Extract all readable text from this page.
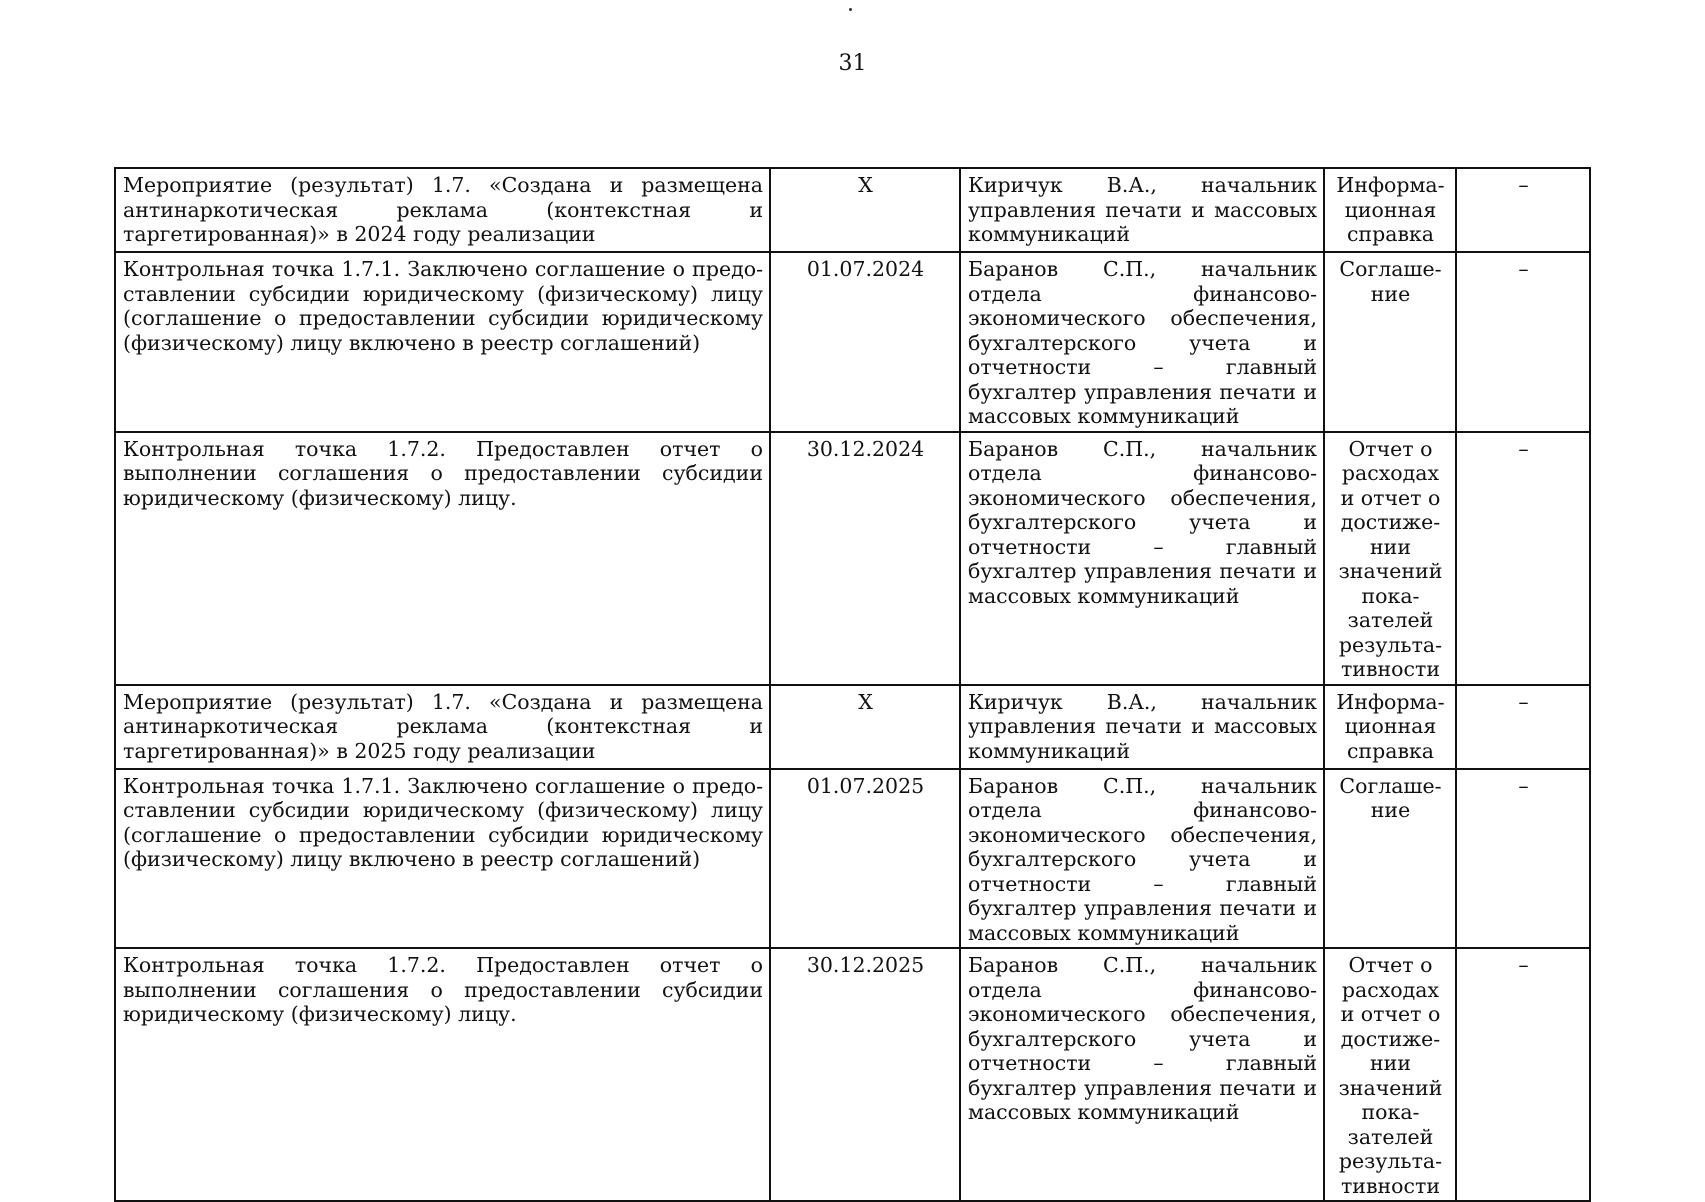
31
Мероприятие (результат) 1.7. «Создана и размещена антинаркотическая реклама (контекстная и таргетированная)» в 2024 году реализации	X	Киричук В.А., начальник управления печати и массовых коммуникаций	Информационная справка	–
Контрольная точка 1.7.1. Заключено соглашение о предоставлении субсидии юридическому (физическому) лицу (соглашение о предоставлении субсидии юридическому (физическому) лицу включено в реестр соглашений)	01.07.2024	Баранов С.П., начальник отдела финансово-экономического обеспечения, бухгалтерского учета и отчетности – главный бухгалтер управления печати и массовых коммуникаций	Соглашение	–
Контрольная точка 1.7.2. Предоставлен отчет о выполнении соглашения о предоставлении субсидии юридическому (физическому) лицу.	30.12.2024	Баранов С.П., начальник отдела финансово-экономического обеспечения, бухгалтерского учета и отчетности – главный бухгалтер управления печати и массовых коммуникаций	Отчет о расходах и отчет о достижении значений показателей результативности	–
Мероприятие (результат) 1.7. «Создана и размещена антинаркотическая реклама (контекстная и таргетированная)» в 2025 году реализации	X	Киричук В.А., начальник управления печати и массовых коммуникаций	Информационная справка	–
Контрольная точка 1.7.1. Заключено соглашение о предоставлении субсидии юридическому (физическому) лицу (соглашение о предоставлении субсидии юридическому (физическому) лицу включено в реестр соглашений)	01.07.2025	Баранов С.П., начальник отдела финансово-экономического обеспечения, бухгалтерского учета и отчетности – главный бухгалтер управления печати и массовых коммуникаций	Соглашение	–
Контрольная точка 1.7.2. Предоставлен отчет о выполнении соглашения о предоставлении субсидии юридическому (физическому) лицу.	30.12.2025	Баранов С.П., начальник отдела финансово-экономического обеспечения, бухгалтерского учета и отчетности – главный бухгалтер управления печати и массовых коммуникаций	Отчет о расходах и отчет о достижении значений показателей результативности	–
